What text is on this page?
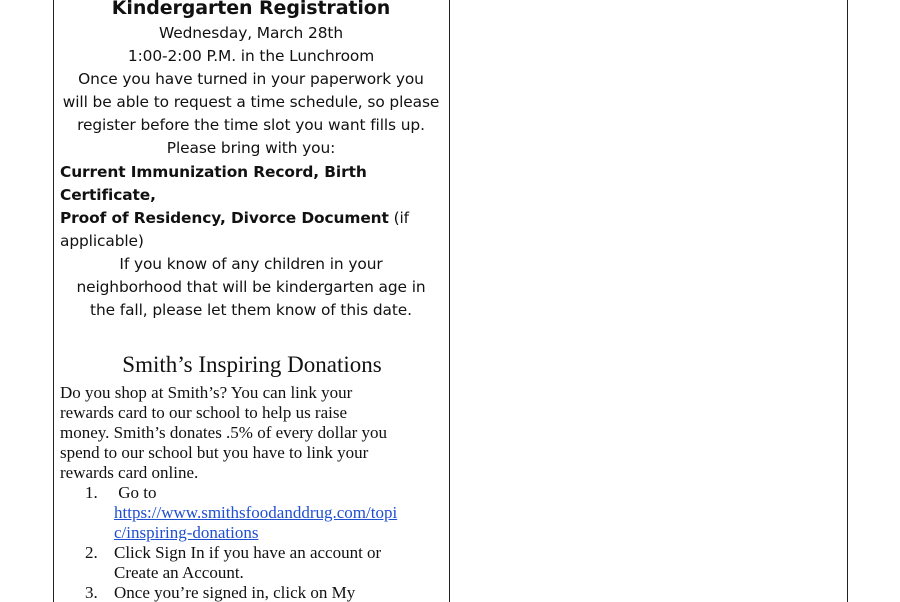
Kindergarten Registration
Wednesday, March 28th
1:00-2:00 P.M. in the Lunchroom
Once you have turned in your paperwork you
will be able to request a time schedule, so please
register before the time slot you want fills up.
Please bring with you:
Current Immunization Record, Birth Certificate,
Proof of Residency, Divorce Document (if
applicable)
If you know of any children in your
neighborhood that will be kindergarten age in
the fall, please let them know of this date.
Smith’s Inspiring Donations

Do you shop at Smith’s? You can link your
rewards card to our school to help us raise
money. Smith’s donates .5% of every dollar you
spend to our school but you have to link your
rewards card online.

1. Go to
https://www.smithsfoodanddrug.com/topi
c/inspiring-donations
2. Click Sign In if you have an account or
Create an Account.
3. Once you’re signed in, click on My
